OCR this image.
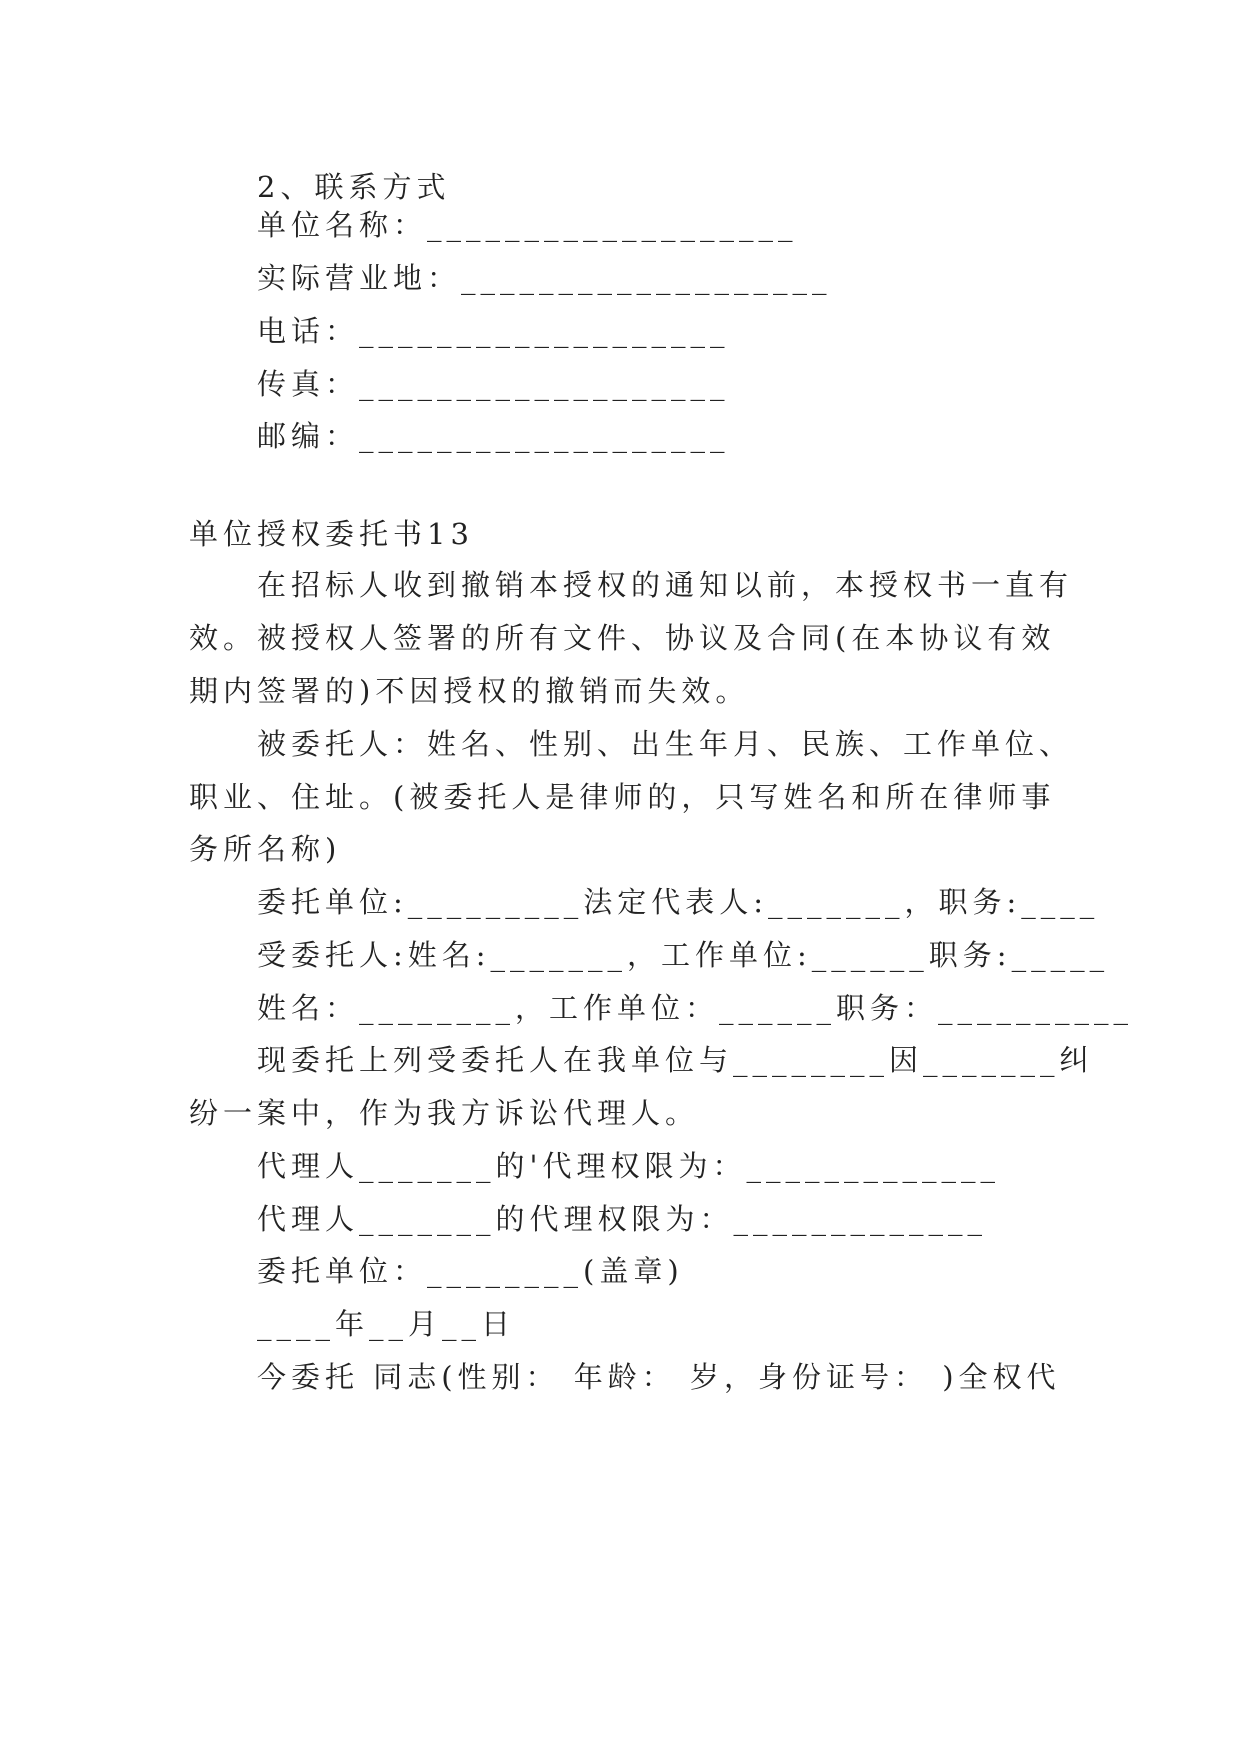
2、联系方式
单位名称：___________________
实际营业地：___________________
电话：___________________
传真：___________________
邮编：___________________
单位授权委托书13
在招标人收到撤销本授权的通知以前，本授权书一直有
效。被授权人签署的所有文件、协议及合同(在本协议有效
期内签署的)不因授权的撤销而失效。
被委托人：姓名、性别、出生年月、民族、工作单位、
职业、住址。(被委托人是律师的，只写姓名和所在律师事
务所名称)
委托单位:_________法定代表人:_______，职务:____
受委托人:姓名:_______，工作单位:______职务:_____
姓名：________，工作单位：______职务：__________
现委托上列受委托人在我单位与________因_______纠
纷一案中，作为我方诉讼代理人。
代理人_______的'代理权限为：_____________
代理人_______的代理权限为：_____________
委托单位：________(盖章)
____年__月__日
今委托 同志(性别： 年龄： 岁，身份证号： )全权代
